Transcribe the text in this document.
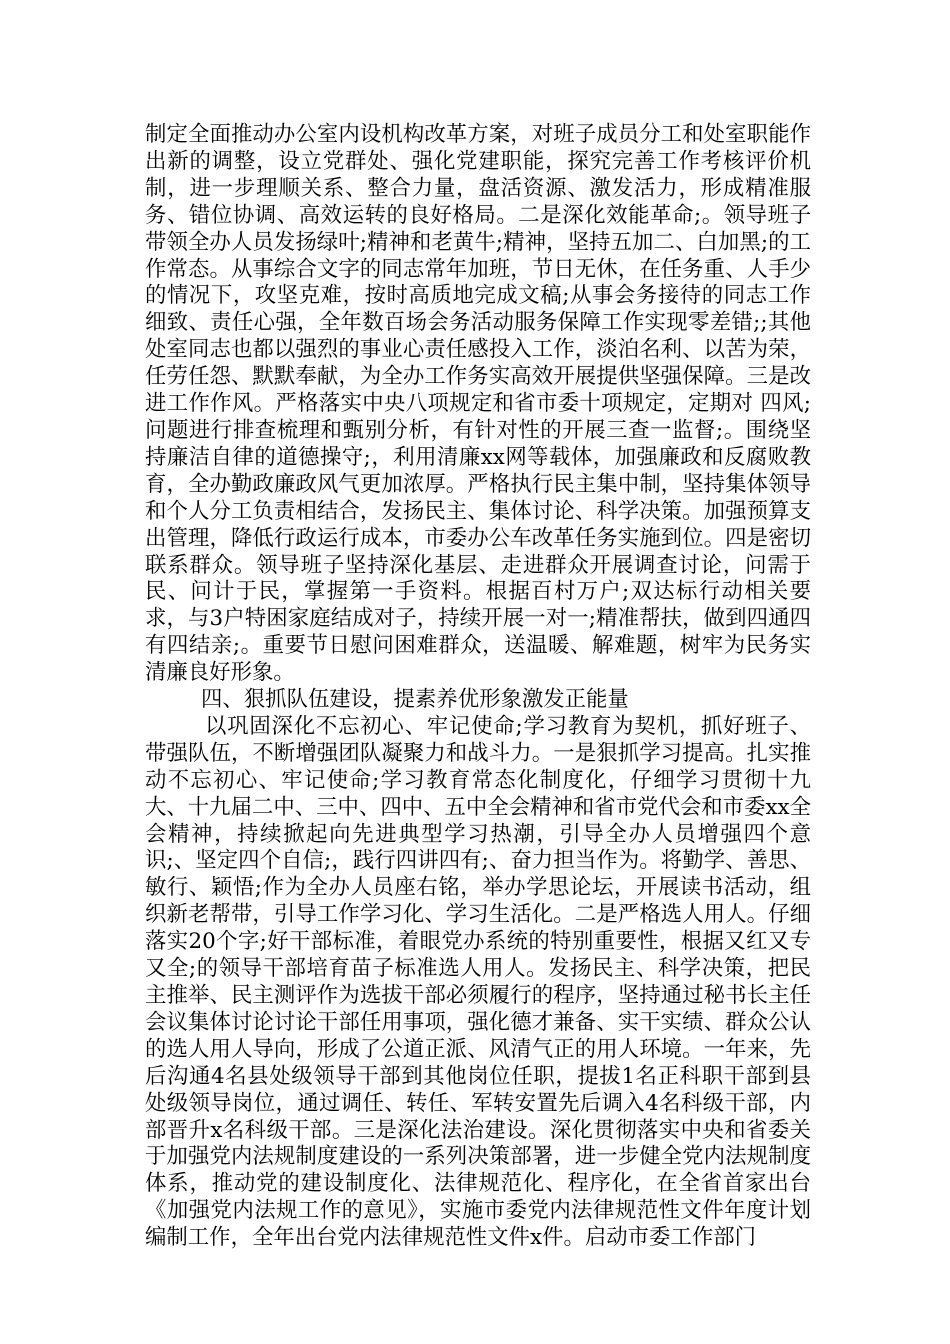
制定全面推动办公室内设机构改革方案，对班子成员分工和处室职能作出新的调整，设立党群处、强化党建职能，探究完善工作考核评价机制，进一步理顺关系、整合力量，盘活资源、激发活力，形成精准服务、错位协调、高效运转的良好格局。二是深化效能革命;。领导班子带领全办人员发扬绿叶;精神和老黄牛;精神，坚持五加二、白加黑;的工作常态。从事综合文字的同志常年加班，节日无休，在任务重、人手少的情况下，攻坚克难，按时高质地完成文稿;从事会务接待的同志工作细致、责任心强，全年数百场会务活动服务保障工作实现零差错;;其他处室同志也都以强烈的事业心责任感投入工作，淡泊名利、以苦为荣，任劳任怨、默默奉献，为全办工作务实高效开展提供坚强保障。三是改进工作作风。严格落实中央八项规定和省市委十项规定，定期对 四风;问题进行排查梳理和甄别分析，有针对性的开展三查一监督;。围绕坚持廉洁自律的道德操守;，利用清廉xx网等载体，加强廉政和反腐败教育，全办勤政廉政风气更加浓厚。严格执行民主集中制，坚持集体领导和个人分工负责相结合，发扬民主、集体讨论、科学决策。加强预算支出管理，降低行政运行成本，市委办公车改革任务实施到位。四是密切联系群众。领导班子坚持深化基层、走进群众开展调查讨论，问需于民、问计于民，掌握第一手资料。根据百村万户;双达标行动相关要求，与3户特困家庭结成对子，持续开展一对一;精准帮扶，做到四通四有四结亲;。重要节日慰问困难群众，送温暖、解难题，树牢为民务实清廉良好形象。

四、狠抓队伍建设，提素养优形象激发正能量

以巩固深化不忘初心、牢记使命;学习教育为契机，抓好班子、带强队伍，不断增强团队凝聚力和战斗力。一是狠抓学习提高。扎实推动不忘初心、牢记使命;学习教育常态化制度化，仔细学习贯彻十九大、十九届二中、三中、四中、五中全会精神和省市党代会和市委xx全会精神，持续掀起向先进典型学习热潮，引导全办人员增强四个意识;、坚定四个自信;，践行四讲四有;、奋力担当作为。将勤学、善思、敏行、颖悟;作为全办人员座右铭，举办学思论坛，开展读书活动，组织新老帮带，引导工作学习化、学习生活化。二是严格选人用人。仔细落实20个字;好干部标准，着眼党办系统的特别重要性，根据又红又专又全;的领导干部培育苗子标准选人用人。发扬民主、科学决策，把民主推举、民主测评作为选拔干部必须履行的程序，坚持通过秘书长主任会议集体讨论讨论干部任用事项，强化德才兼备、实干实绩、群众公认的选人用人导向，形成了公道正派、风清气正的用人环境。一年来，先后沟通4名县处级领导干部到其他岗位任职，提拔1名正科职干部到县处级领导岗位，通过调任、转任、军转安置先后调入4名科级干部，内部晋升x名科级干部。三是深化法治建设。深化贯彻落实中央和省委关于加强党内法规制度建设的一系列决策部署，进一步健全党内法规制度体系，推动党的建设制度化、法律规范化、程序化，在全省首家出台《加强党内法规工作的意见》，实施市委党内法律规范性文件年度计划编制工作，全年出台党内法律规范性文件x件。启动市委工作部门
